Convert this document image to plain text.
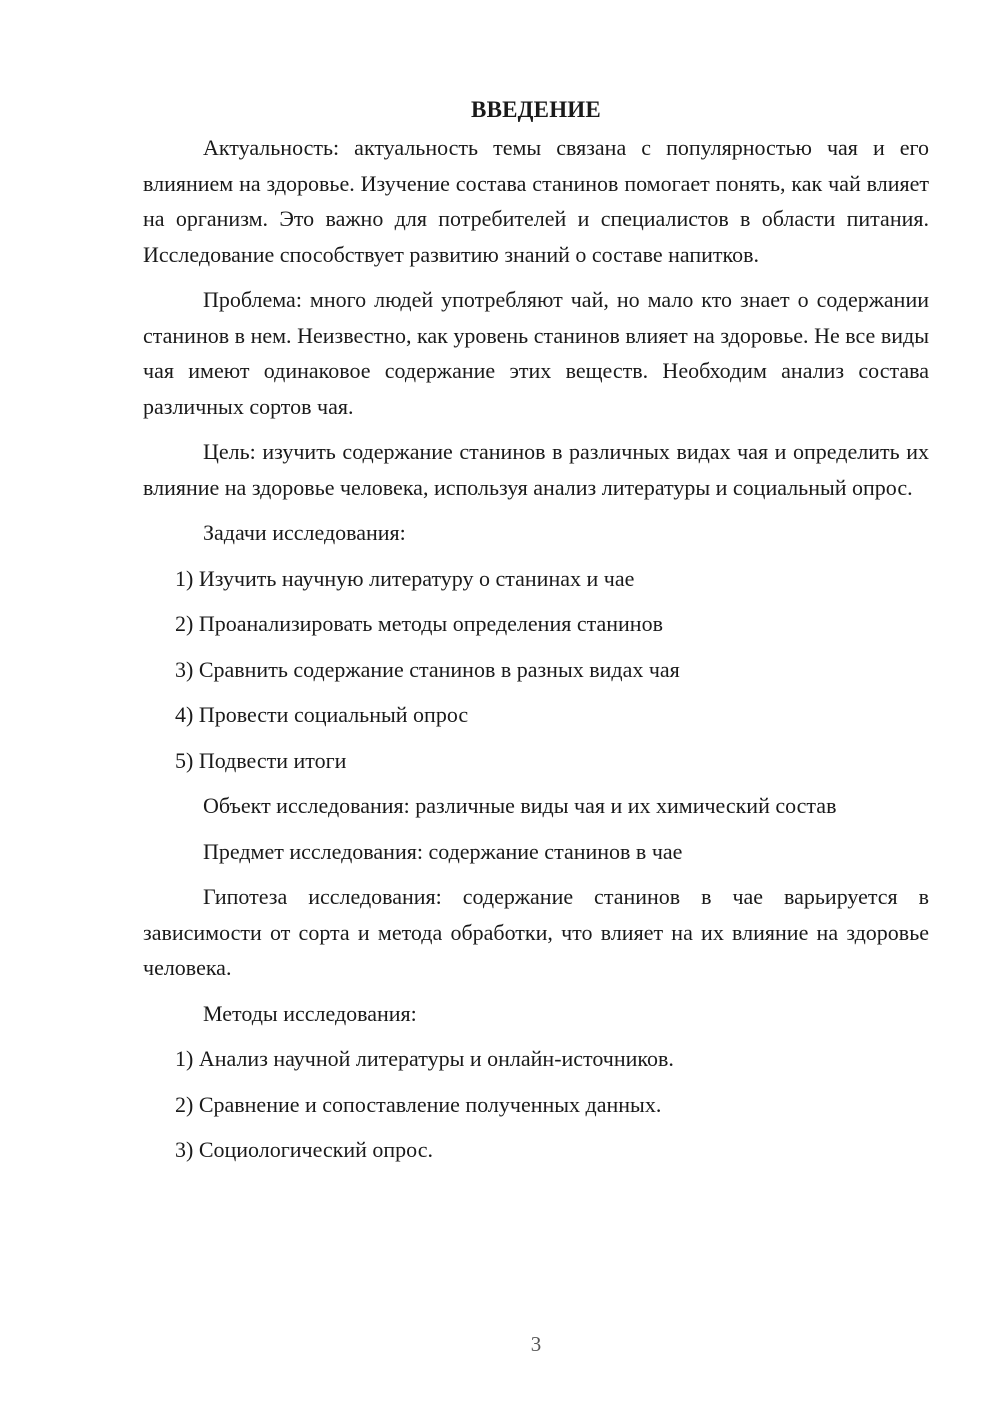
ВВЕДЕНИЕ

Актуальность: актуальность темы связана с популярностью чая и его влиянием на здоровье. Изучение состава станинов помогает понять, как чай влияет на организм. Это важно для потребителей и специалистов в области питания. Исследование способствует развитию знаний о составе напитков.

Проблема: много людей употребляют чай, но мало кто знает о содержании станинов в нем. Неизвестно, как уровень станинов влияет на здоровье. Не все виды чая имеют одинаковое содержание этих веществ. Необходим анализ состава различных сортов чая.

Цель: изучить содержание станинов в различных видах чая и определить их влияние на здоровье человека, используя анализ литературы и социальный опрос.

Задачи исследования:

1) Изучить научную литературу о станинах и чае
2) Проанализировать методы определения станинов
3) Сравнить содержание станинов в разных видах чая
4) Провести социальный опрос
5) Подвести итоги

Объект исследования: различные виды чая и их химический состав

Предмет исследования: содержание станинов в чае

Гипотеза исследования: содержание станинов в чае варьируется в зависимости от сорта и метода обработки, что влияет на их влияние на здоровье человека.

Методы исследования:

1) Анализ научной литературы и онлайн-источников.
2) Сравнение и сопоставление полученных данных.
3) Социологический опрос.
3
